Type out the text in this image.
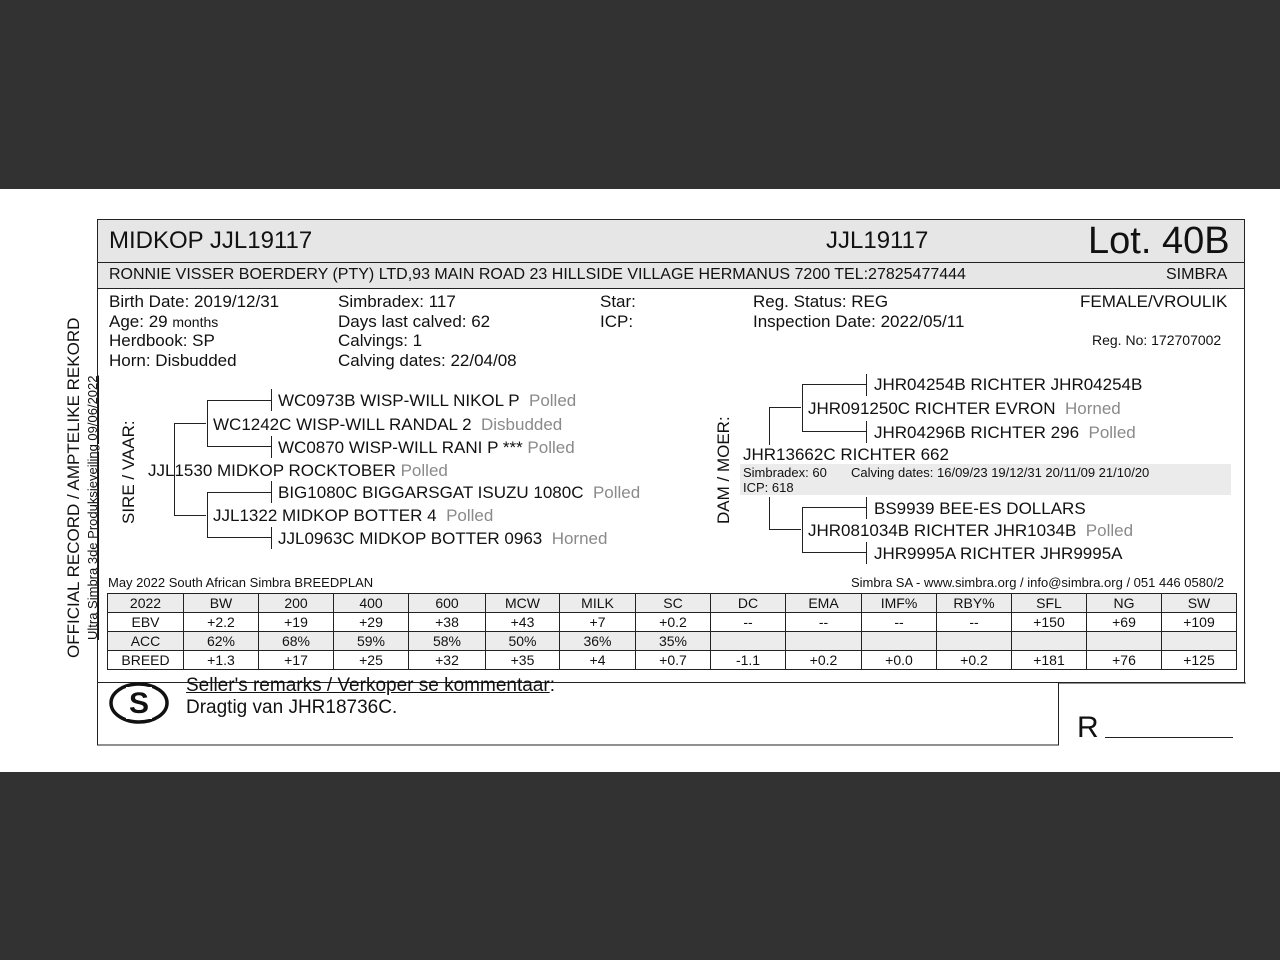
MIDKOP JJL19117	JJL19117	Lot. 40B
RONNIE VISSER BOERDERY (PTY) LTD,93 MAIN ROAD 23 HILLSIDE VILLAGE HERMANUS 7200 TEL:27825477444	SIMBRA
Birth Date: 2019/12/31
Age: 29 months
Herdbook: SP
Horn: Disbudded
Simbradex: 117
Days last calved: 62
Calvings: 1
Calving dates: 22/04/08
Star:
ICP:
Reg. Status: REG
Inspection Date: 2022/05/11
FEMALE/VROULIK
Reg. No: 172707002
OFFICIAL RECORD / AMPTELIKE REKORD Ultra Simbra 3de Produksieveiling 09/06/2022 SIRE / VAAR:	DAM / MOER:
WC0973B WISP-WILL NIKOL P Polled
WC1242C WISP-WILL RANDAL 2 Disbudded
WC0870 WISP-WILL RANI P *** Polled
JJL1530 MIDKOP ROCKTOBER Polled
BIG1080C BIGGARSGAT ISUZU 1080C Polled
JJL1322 MIDKOP BOTTER 4 Polled
JJL0963C MIDKOP BOTTER 0963 Horned
JHR04254B RICHTER JHR04254B
JHR091250C RICHTER EVRON Horned
JHR04296B RICHTER 296 Polled
JHR13662C RICHTER 662
Simbradex: 60 Calving dates: 16/09/23 19/12/31 20/11/09 21/10/20
ICP: 618
BS9939 BEE-ES DOLLARS
JHR081034B RICHTER JHR1034B Polled
JHR9995A RICHTER JHR9995A
May 2022 South African Simbra BREEDPLAN	Simbra SA - www.simbra.org / info@simbra.org / 051 446 0580/2
2022	BW	200	400	600	MCW	MILK	SC	DC	EMA	IMF%	RBY%	SFL	NG	SW
EBV	+2.2	+19	+29	+38	+43	+7	+0.2	--	--	--	--	+150	+69	+109
ACC	62%	68%	59%	58%	50%	36%	35%							
BREED	+1.3	+17	+25	+32	+35	+4	+0.7	-1.1	+0.2	+0.0	+0.2	+181	+76	+125
S
Seller's remarks / Verkoper se kommentaar:
Dragtig van JHR18736C.
R
